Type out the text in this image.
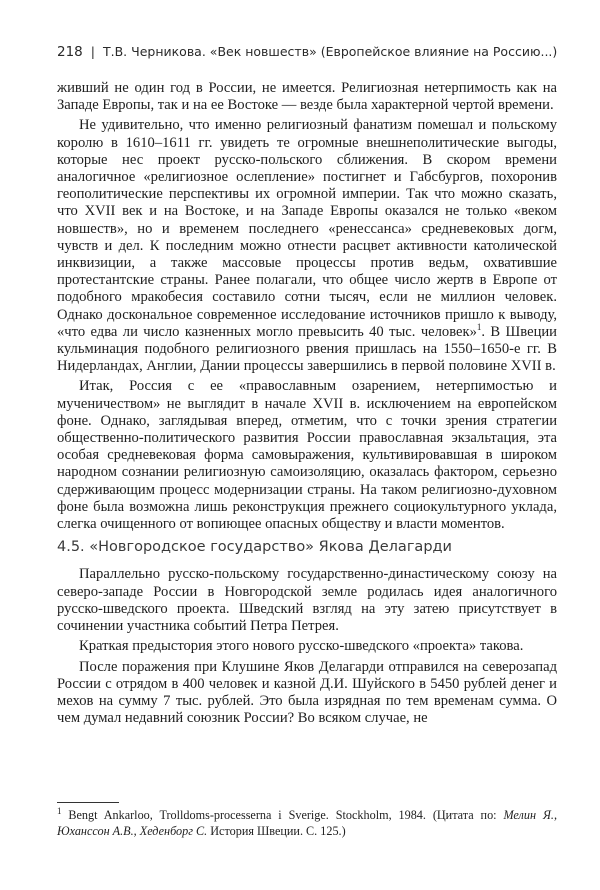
218 | Т.В. Черникова. «Век новшеств» (Европейское влияние на Россию...)

живший не один год в России, не имеется. Религиозная нетерпимость как на Западе Европы, так и на ее Востоке — везде была характерной чертой времени.

Не удивительно, что именно религиозный фанатизм помешал и польскому королю в 1610–1611 гг. увидеть те огромные внешнеполитические выгоды, которые нес проект русско-польского сближения. В скором времени аналогичное «религиозное ослепление» постигнет и Габсбургов, похоронив геополитические перспективы их огромной империи. Так что можно сказать, что XVII век и на Востоке, и на Западе Европы оказался не только «веком новшеств», но и временем последнего «ренессанса» средневековых догм, чувств и дел. К последним можно отнести расцвет активности католической инквизиции, а также массовые процессы против ведьм, охватившие протестантские страны. Ранее полагали, что общее число жертв в Европе от подобного мракобесия составило сотни тысяч, если не миллион человек. Однако доскональное современное исследование источников пришло к выводу, «что едва ли число казненных могло превысить 40 тыс. человек»$^1$. В Швеции кульминация подобного религиозного рвения пришлась на 1550–1650-е гг. В Нидерландах, Англии, Дании процессы завершились в первой половине XVII в.

Итак, Россия с ее «православным озарением, нетерпимостью и мученичеством» не выглядит в начале XVII в. исключением на европейском фоне. Однако, заглядывая вперед, отметим, что с точки зрения стратегии общественно-политического развития России православная экзальтация, эта особая средневековая форма самовыражения, культивировавшая в широком народном сознании религиозную самоизоляцию, оказалась фактором, серьезно сдерживающим процесс модернизации страны. На таком религиозно-духовном фоне была возможна лишь реконструкция прежнего социокультурного уклада, слегка очищенного от вопиющее опасных обществу и власти моментов.

4.5. «Новгородское государство» Якова Делагарди

Параллельно русско-польскому государственно-династическому союзу на северо-западе России в Новгородской земле родилась идея аналогичного русско-шведского проекта. Шведский взгляд на эту затею присутствует в сочинении участника событий Петра Петрея.

Краткая предыстория этого нового русско-шведского «проекта» такова.

После поражения при Клушине Яков Делагарди отправился на северозапад России с отрядом в 400 человек и казной Д.И. Шуйского в 5450 рублей денег и мехов на сумму 7 тыс. рублей. Это была изрядная по тем временам сумма. О чем думал недавний союзник России? Во всяком случае, не

$^1$ Bengt Ankarloo, Trolldoms-processerna i Sverige. Stockholm, 1984. (Цитата по: Мелин Я., Юханссон А.В., Хеденборг С. История Швеции. С. 125.)
